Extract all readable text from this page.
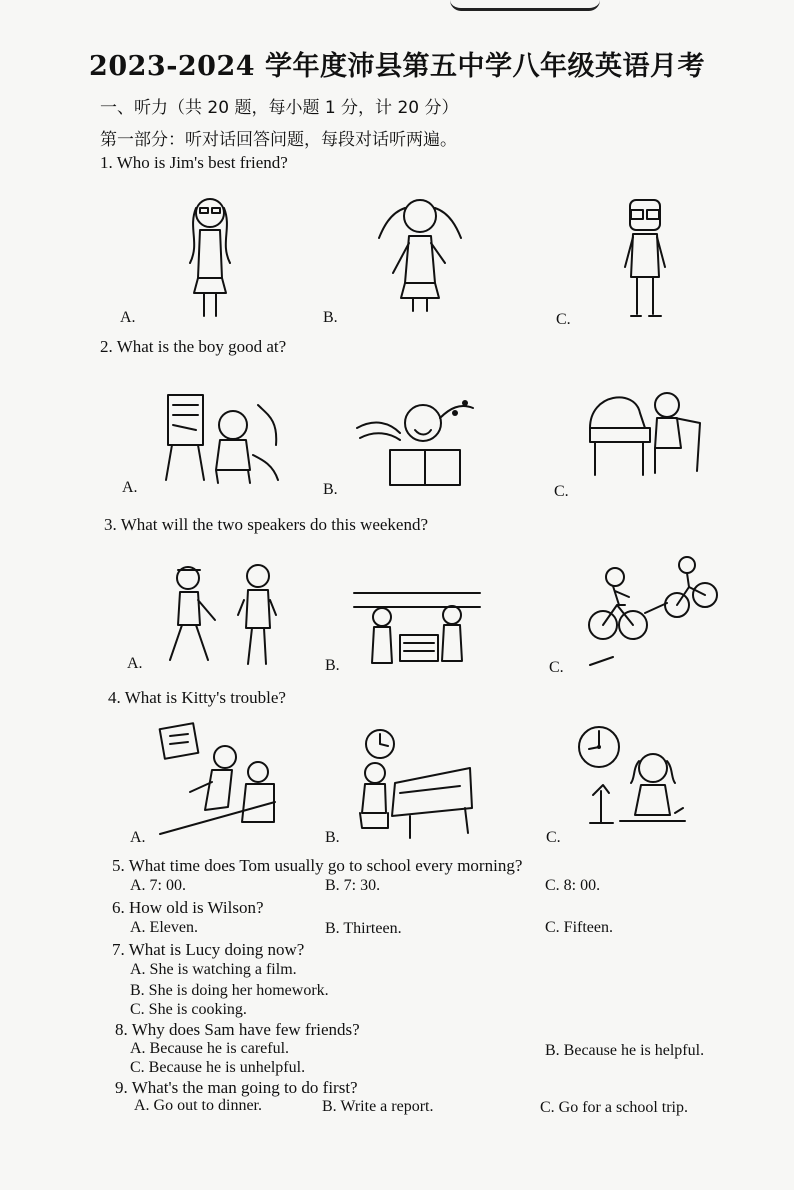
2023-2024 学年度沛县第五中学八年级英语月考
一、听力（共 20 题，每小题 1 分，计 20 分）
第一部分：听对话回答问题，每段对话听两遍。
1. Who is Jim's best friend?
A.	B.	C.
2. What is the boy good at?
A.	B.	C.
3. What will the two speakers do this weekend?
A.	B.	C.
4. What is Kitty's trouble?
A.	B.	C.
5. What time does Tom usually go to school every morning?
A. 7: 00.	B. 7: 30.	C. 8: 00.
6. How old is Wilson?
A. Eleven.	B. Thirteen.	C. Fifteen.
7. What is Lucy doing now?
A. She is watching a film.
B. She is doing her homework.
C. She is cooking.
8. Why does Sam have few friends?
A. Because he is careful.	B. Because he is helpful.
C. Because he is unhelpful.
9. What's the man going to do first?
A. Go out to dinner.	B. Write a report.	C. Go for a school trip.
